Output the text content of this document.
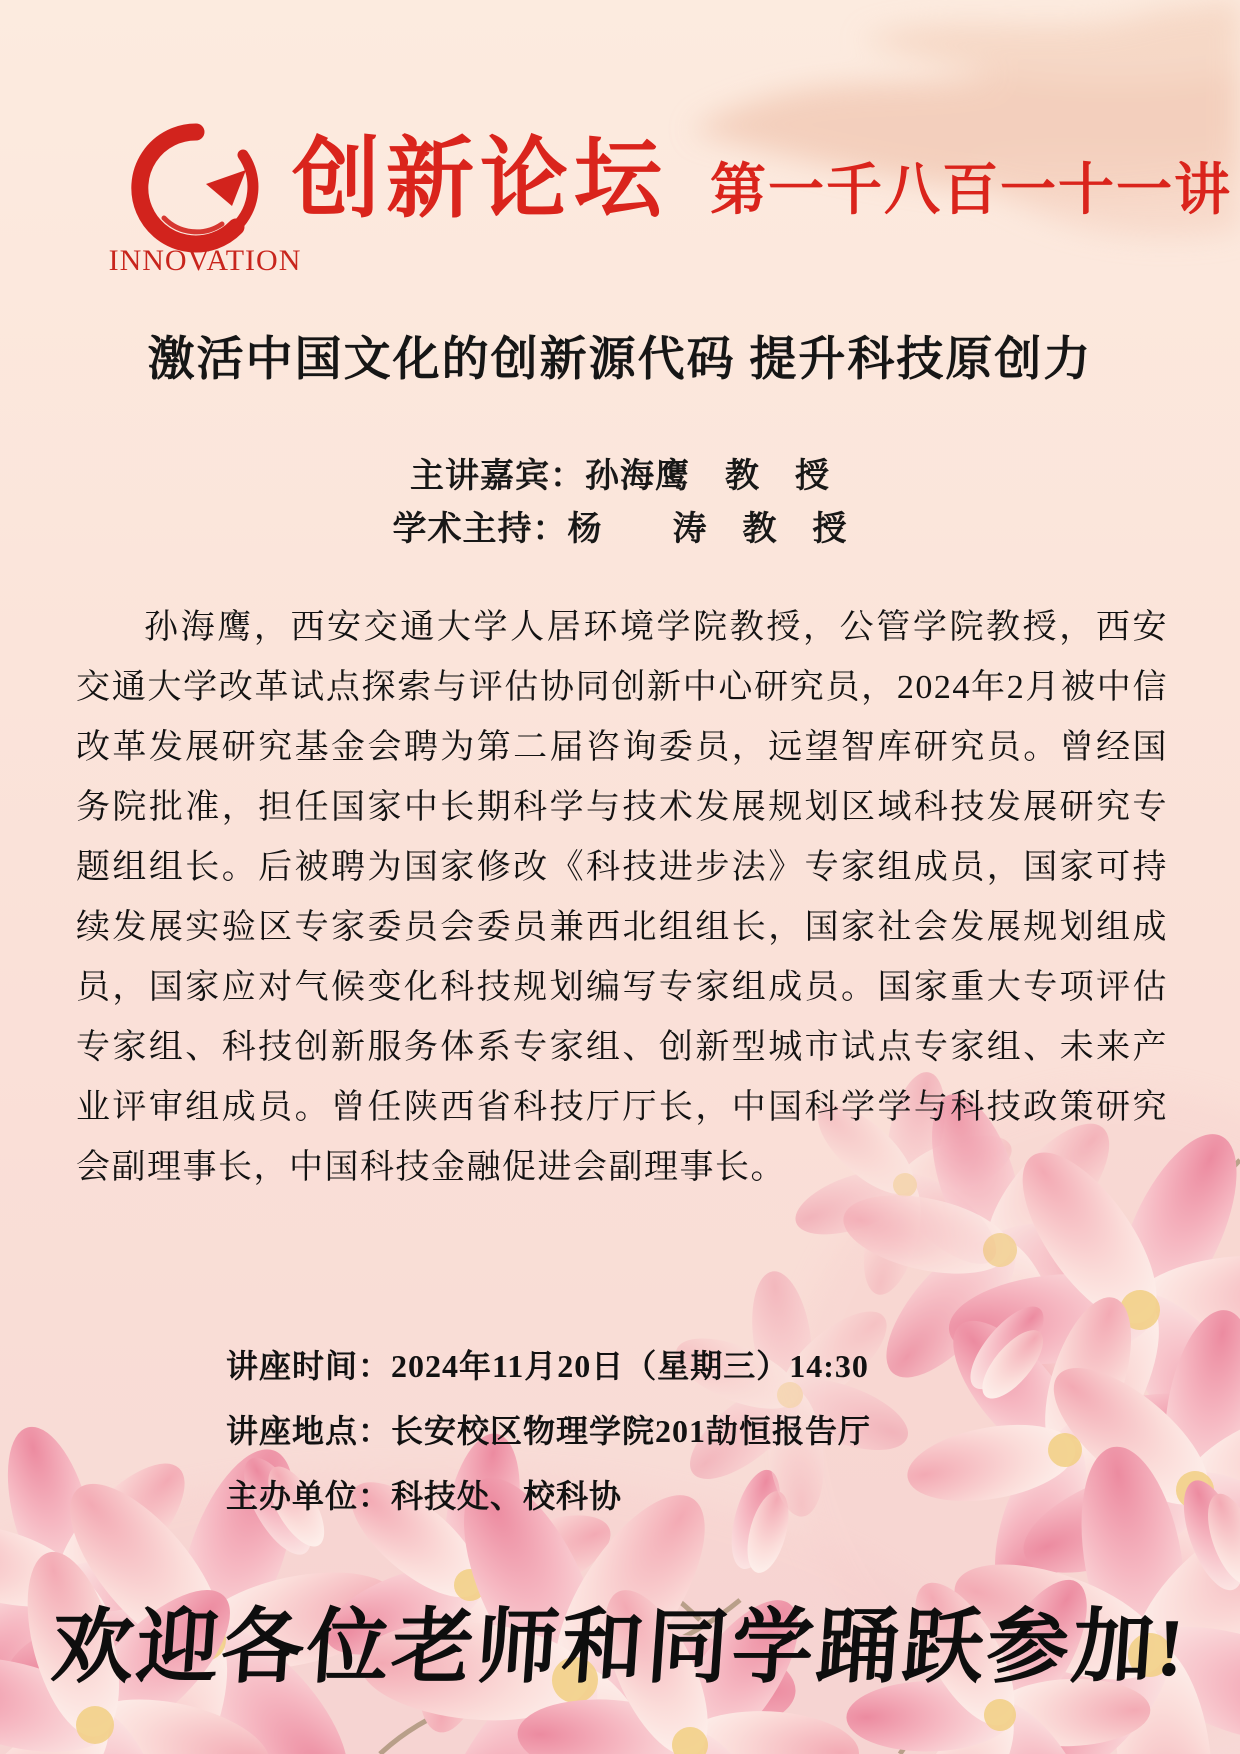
INNOVATION
创新论坛 第一千八百一十一讲
激活中国文化的创新源代码 提升科技原创力
主讲嘉宾：孙海鹰　教　授
学术主持：杨　　涛　教　授
孙海鹰，西安交通大学人居环境学院教授，公管学院教授，西安交通大学改革试点探索与评估协同创新中心研究员，2024年2月被中信改革发展研究基金会聘为第二届咨询委员，远望智库研究员。曾经国务院批准，担任国家中长期科学与技术发展规划区域科技发展研究专题组组长。后被聘为国家修改《科技进步法》专家组成员，国家可持续发展实验区专家委员会委员兼西北组组长，国家社会发展规划组成员，国家应对气候变化科技规划编写专家组成员。国家重大专项评估专家组、科技创新服务体系专家组、创新型城市试点专家组、未来产业评审组成员。曾任陕西省科技厅厅长，中国科学学与科技政策研究会副理事长，中国科技金融促进会副理事长。
讲座时间：2024年11月20日（星期三）14:30
讲座地点：长安校区物理学院201劼恒报告厅
主办单位：科技处、校科协
欢迎各位老师和同学踊跃参加!
